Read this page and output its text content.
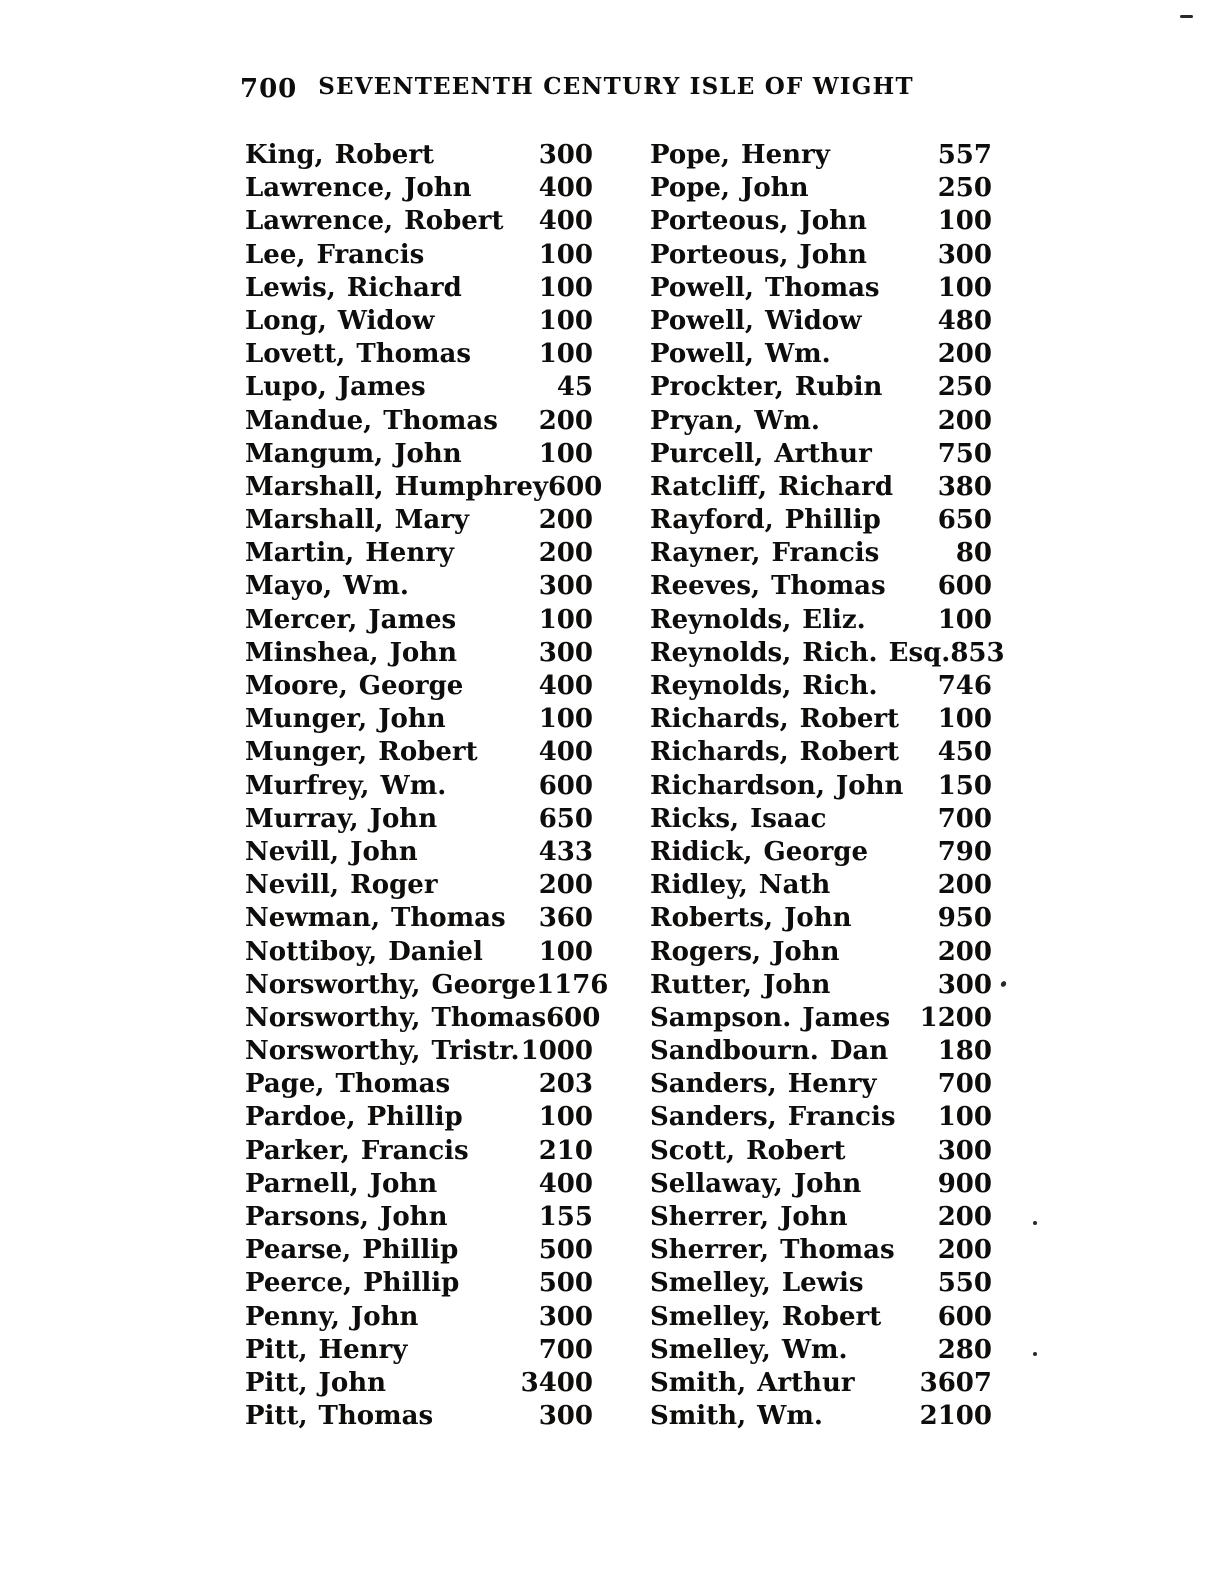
700 SEVENTEENTH CENTURY ISLE OF WIGHT
King, Robert	300
Lawrence, John	400
Lawrence, Robert 400
Lee, Francis	100
Lewis, Richard	100
Long, Widow	100
Lovett, Thomas	100
Lupo, James	45
Mandue, Thomas 200
Mangum, John	100
Marshall, Humphrey 600
Marshall, Mary	200
Martin, Henry	200
Mayo, Wm.	300
Mercer, James	100
Minshea, John	300
Moore, George	400
Munger, John	100
Munger, Robert 400
Murfrey, Wm.	600
Murray, John	650
Nevill, John	433
Nevill, Roger	200
Newman, Thomas 360
Nottiboy, Daniel 100
Norsworthy, George 1176
Norsworthy, Thomas 600
Norsworthy, Tristr. 1000
Page, Thomas	203
Pardoe, Phillip	100
Parker, Francis	210
Parnell, John	400
Parsons, John	155
Pearse, Phillip	500
Peerce, Phillip	500
Penny, John	300
Pitt, Henry	700
Pitt, John	3400
Pitt, Thomas	300
Pope, Henry	557
Pope, John	250
Porteous, John	100
Porteous, John	300
Powell, Thomas 100
Powell, Widow	480
Powell, Wm.	200
Prockter, Rubin 250
Pryan, Wm.	200
Purcell, Arthur	750
Ratcliff, Richard 380
Rayford, Phillip 650
Rayner, Francis	80
Reeves, Thomas 600
Reynolds, Eliz.	100
Reynolds, Rich. Esq. 853
Reynolds, Rich. 746
Richards, Robert 100
Richards, Robert 450
Richardson, John 150
Ricks, Isaac	700
Ridick, George	790
Ridley, Nath	200
Roberts, John	950
Rogers, John	200
Rutter, John	300
Sampson. James 1200
Sandbourn. Dan 180
Sanders, Henry 700
Sanders, Francis 100
Scott, Robert	300
Sellaway, John	900
Sherrer, John	200
Sherrer, Thomas 200
Smelley, Lewis	550
Smelley, Robert 600
Smelley, Wm.	280
Smith, Arthur	3607
Smith, Wm.	2100
